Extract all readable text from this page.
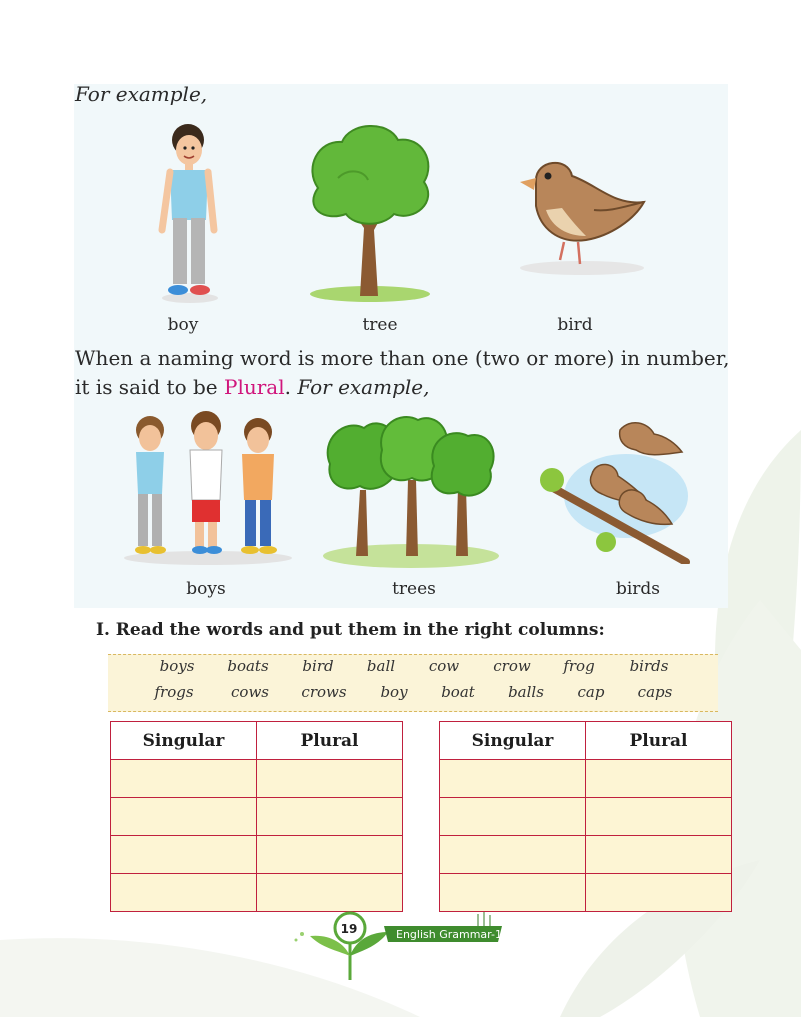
For example,
boy	tree	bird
When a naming word is more than one (two or more) in number, it is said to be Plural. For example,
boys	trees	birds
I. Read the words and put them in the right columns:
boys boats bird ball cow crow frog birds
frogs cows crows boy boat balls cap caps
Singular	Plural

		Singular	Plural

19	English Grammar-1
